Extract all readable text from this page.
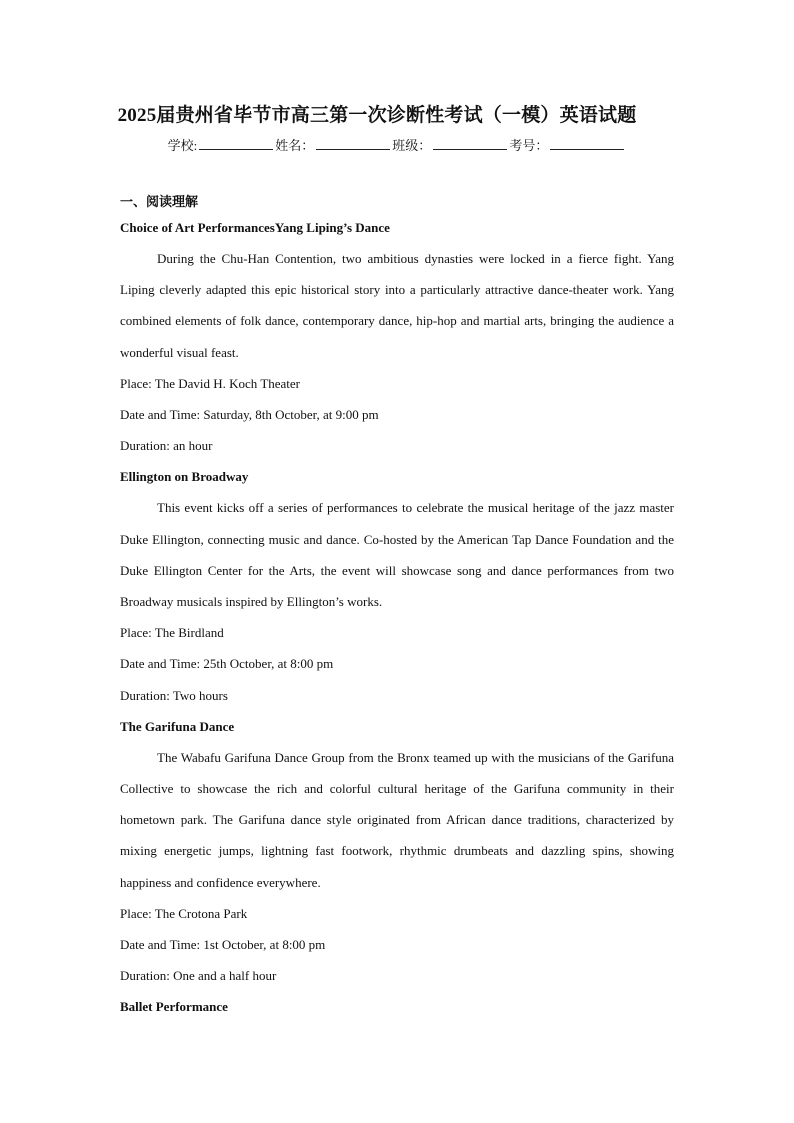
2025届贵州省毕节市高三第一次诊断性考试（一模）英语试题
学校:	姓名：	班级：	考号：
一、阅读理解
Choice of Art PerformancesYang Liping’s Dance

During the Chu-Han Contention, two ambitious dynasties were locked in a fierce fight. Yang Liping cleverly adapted this epic historical story into a particularly attractive dance-theater work. Yang combined elements of folk dance, contemporary dance, hip-hop and martial arts, bringing the audience a wonderful visual feast.

Place: The David H. Koch Theater

Date and Time: Saturday, 8th October, at 9:00 pm

Duration: an hour

Ellington on Broadway

This event kicks off a series of performances to celebrate the musical heritage of the jazz master Duke Ellington, connecting music and dance. Co-hosted by the American Tap Dance Foundation and the Duke Ellington Center for the Arts, the event will showcase song and dance performances from two Broadway musicals inspired by Ellington’s works.

Place: The Birdland

Date and Time: 25th October, at 8:00 pm

Duration: Two hours

The Garifuna Dance

The Wabafu Garifuna Dance Group from the Bronx teamed up with the musicians of the Garifuna Collective to showcase the rich and colorful cultural heritage of the Garifuna community in their hometown park. The Garifuna dance style originated from African dance traditions, characterized by mixing energetic jumps, lightning fast footwork, rhythmic drumbeats and dazzling spins, showing happiness and confidence everywhere.

Place: The Crotona Park

Date and Time: 1st October, at 8:00 pm

Duration: One and a half hour

Ballet Performance
